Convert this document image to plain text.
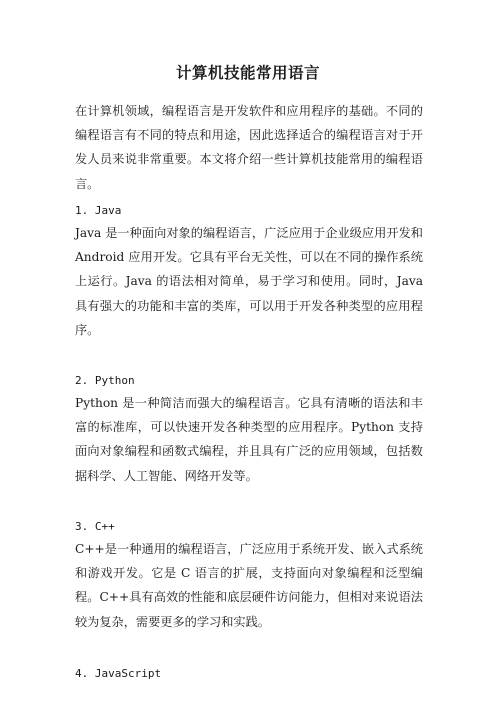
计算机技能常用语言

在计算机领域，编程语言是开发软件和应用程序的基础。不同的编程语言有不同的特点和用途，因此选择适合的编程语言对于开发人员来说非常重要。本文将介绍一些计算机技能常用的编程语言。

1. Java

Java 是一种面向对象的编程语言，广泛应用于企业级应用开发和 Android 应用开发。它具有平台无关性，可以在不同的操作系统上运行。Java 的语法相对简单，易于学习和使用。同时，Java 具有强大的功能和丰富的类库，可以用于开发各种类型的应用程序。

2. Python

Python 是一种简洁而强大的编程语言。它具有清晰的语法和丰富的标准库，可以快速开发各种类型的应用程序。Python 支持面向对象编程和函数式编程，并且具有广泛的应用领域，包括数据科学、人工智能、网络开发等。

3. C++

C++是一种通用的编程语言，广泛应用于系统开发、嵌入式系统和游戏开发。它是 C 语言的扩展，支持面向对象编程和泛型编程。C++具有高效的性能和底层硬件访问能力，但相对来说语法较为复杂，需要更多的学习和实践。

4. JavaScript
